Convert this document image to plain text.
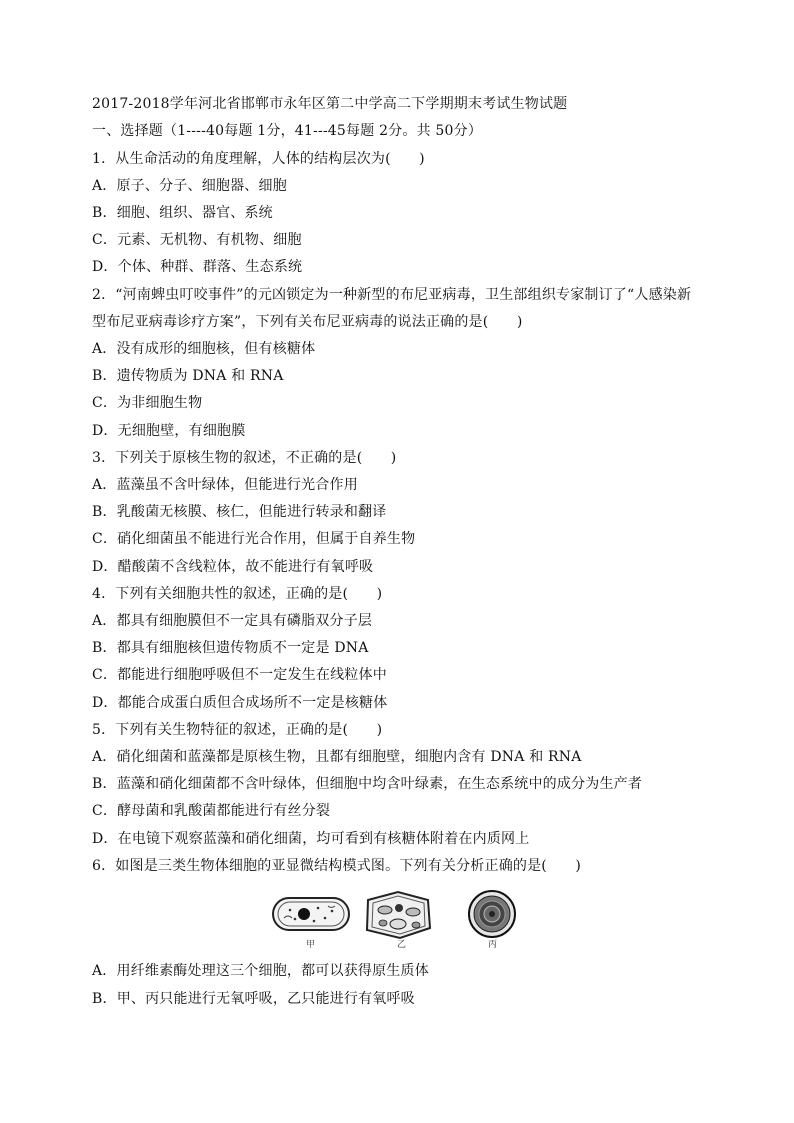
2017-2018学年河北省邯郸市永年区第二中学高二下学期期末考试生物试题
一、选择题（1----40每题 1分，41---45每题 2分。共 50分）
1．从生命活动的角度理解，人体的结构层次为(　　)
A．原子、分子、细胞器、细胞
B．细胞、组织、器官、系统
C．元素、无机物、有机物、细胞
D．个体、种群、群落、生态系统
2．“河南蜱虫叮咬事件”的元凶锁定为一种新型的布尼亚病毒，卫生部组织专家制订了“人感染新
型布尼亚病毒诊疗方案”，下列有关布尼亚病毒的说法正确的是(　　)
A．没有成形的细胞核，但有核糖体
B．遗传物质为 DNA 和 RNA
C．为非细胞生物
D．无细胞壁，有细胞膜
3．下列关于原核生物的叙述，不正确的是(　　)
A．蓝藻虽不含叶绿体，但能进行光合作用
B．乳酸菌无核膜、核仁，但能进行转录和翻译
C．硝化细菌虽不能进行光合作用，但属于自养生物
D．醋酸菌不含线粒体，故不能进行有氧呼吸
4．下列有关细胞共性的叙述，正确的是(　　)
A．都具有细胞膜但不一定具有磷脂双分子层
B．都具有细胞核但遗传物质不一定是 DNA
C．都能进行细胞呼吸但不一定发生在线粒体中
D．都能合成蛋白质但合成场所不一定是核糖体
5．下列有关生物特征的叙述，正确的是(　　)
A．硝化细菌和蓝藻都是原核生物，且都有细胞壁，细胞内含有 DNA 和 RNA
B．蓝藻和硝化细菌都不含叶绿体，但细胞中均含叶绿素，在生态系统中的成分为生产者
C．酵母菌和乳酸菌都能进行有丝分裂
D．在电镜下观察蓝藻和硝化细菌，均可看到有核糖体附着在内质网上
6．如图是三类生物体细胞的亚显微结构模式图。下列有关分析正确的是(　　)
甲	乙	丙
A．用纤维素酶处理这三个细胞，都可以获得原生质体
B．甲、丙只能进行无氧呼吸，乙只能进行有氧呼吸
